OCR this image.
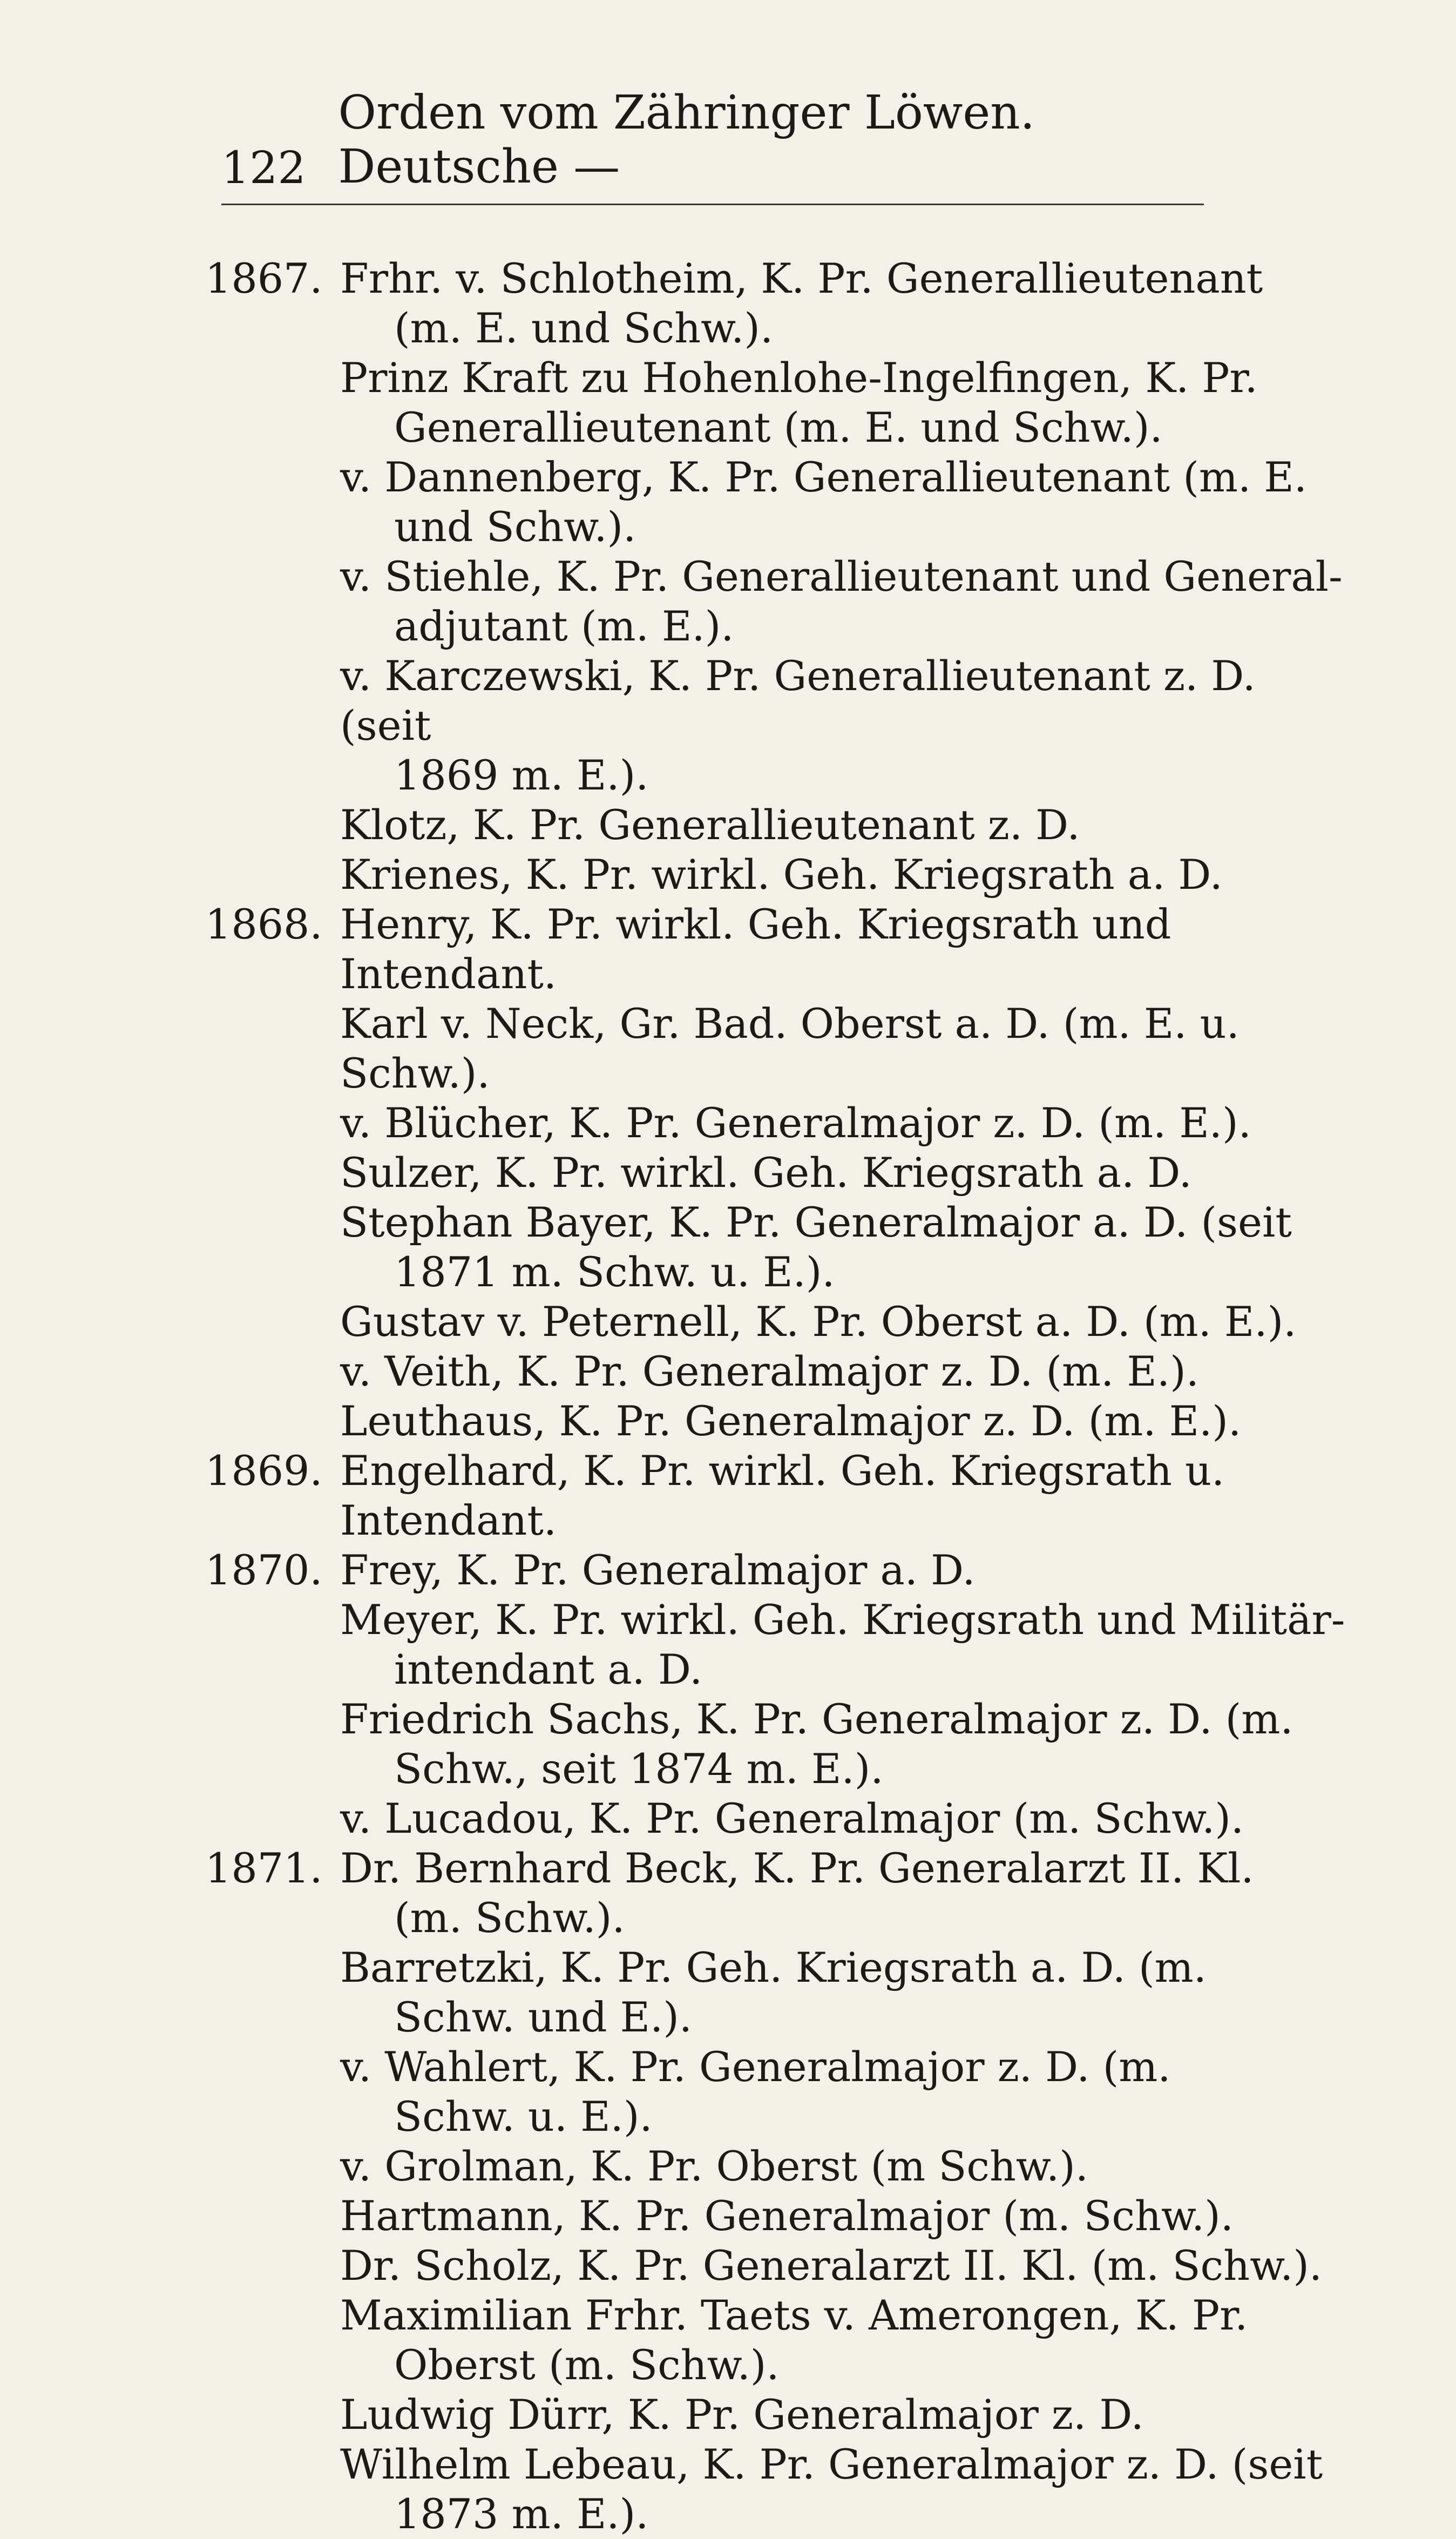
122
Orden vom Zähringer Löwen. Deutsche —
1867. Frhr. v. Schlotheim, K. Pr. Generallieutenant
(m. E. und Schw.).
Prinz Kraft zu Hohenlohe-Ingelfingen, K. Pr.
Generallieutenant (m. E. und Schw.).
v. Dannenberg, K. Pr. Generallieutenant (m. E.
und Schw.).
v. Stiehle, K. Pr. Generallieutenant und General-
adjutant (m. E.).
v. Karczewski, K. Pr. Generallieutenant z. D. (seit
1869 m. E.).
Klotz, K. Pr. Generallieutenant z. D.
Krienes, K. Pr. wirkl. Geh. Kriegsrath a. D.
1868. Henry, K. Pr. wirkl. Geh. Kriegsrath und Intendant.
Karl v. Neck, Gr. Bad. Oberst a. D. (m. E. u. Schw.).
v. Blücher, K. Pr. Generalmajor z. D. (m. E.).
Sulzer, K. Pr. wirkl. Geh. Kriegsrath a. D.
Stephan Bayer, K. Pr. Generalmajor a. D. (seit
1871 m. Schw. u. E.).
Gustav v. Peternell, K. Pr. Oberst a. D. (m. E.).
v. Veith, K. Pr. Generalmajor z. D. (m. E.).
Leuthaus, K. Pr. Generalmajor z. D. (m. E.).
1869. Engelhard, K. Pr. wirkl. Geh. Kriegsrath u. Intendant.
1870. Frey, K. Pr. Generalmajor a. D.
Meyer, K. Pr. wirkl. Geh. Kriegsrath und Militär-
intendant a. D.
Friedrich Sachs, K. Pr. Generalmajor z. D. (m.
Schw., seit 1874 m. E.).
v. Lucadou, K. Pr. Generalmajor (m. Schw.).
1871. Dr. Bernhard Beck, K. Pr. Generalarzt II. Kl.
(m. Schw.).
Barretzki, K. Pr. Geh. Kriegsrath a. D. (m.
Schw. und E.).
v. Wahlert, K. Pr. Generalmajor z. D. (m.
Schw. u. E.).
v. Grolman, K. Pr. Oberst (m Schw.).
Hartmann, K. Pr. Generalmajor (m. Schw.).
Dr. Scholz, K. Pr. Generalarzt II. Kl. (m. Schw.).
Maximilian Frhr. Taets v. Amerongen, K. Pr.
Oberst (m. Schw.).
Ludwig Dürr, K. Pr. Generalmajor z. D.
Wilhelm Lebeau, K. Pr. Generalmajor z. D. (seit
1873 m. E.).
